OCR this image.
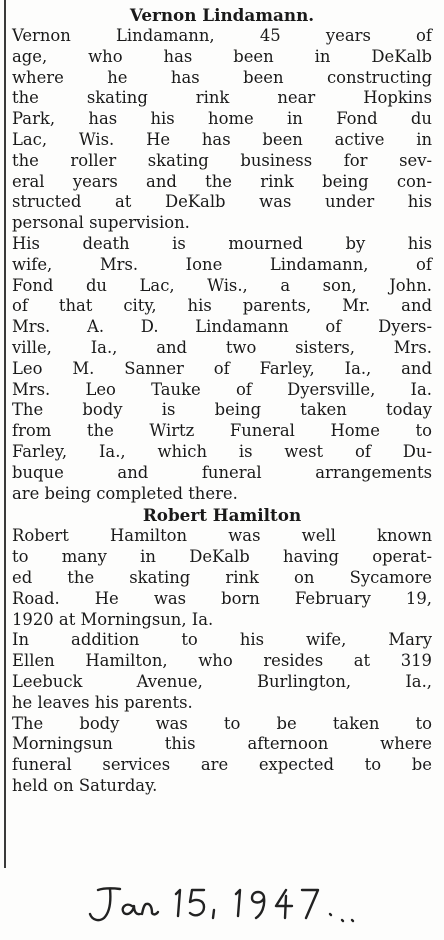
Vernon Lindamann.
Vernon Lindamann, 45 years of
age, who has been in DeKalb
where he has been constructing
the skating rink near Hopkins
Park, has his home in Fond du
Lac, Wis. He has been active in
the roller skating business for sev-
eral years and the rink being con-
structed at DeKalb was under his
personal supervision.
His death is mourned by his
wife, Mrs. Ione Lindamann, of
Fond du Lac, Wis., a son, John.
of that city, his parents, Mr. and
Mrs. A. D. Lindamann of Dyers-
ville, Ia., and two sisters, Mrs.
Leo M. Sanner of Farley, Ia., and
Mrs. Leo Tauke of Dyersville, Ia.
The body is being taken today
from the Wirtz Funeral Home to
Farley, Ia., which is west of Du-
buque and funeral arrangements
are being completed there.
Robert Hamilton
Robert Hamilton was well known
to many in DeKalb having operat-
ed the skating rink on Sycamore
Road. He was born February 19,
1920 at Morningsun, Ia.
In addition to his wife, Mary
Ellen Hamilton, who resides at 319
Leebuck Avenue, Burlington, Ia.,
he leaves his parents.
The body was to be taken to
Morningsun this afternoon where
funeral services are expected to be
held on Saturday.
